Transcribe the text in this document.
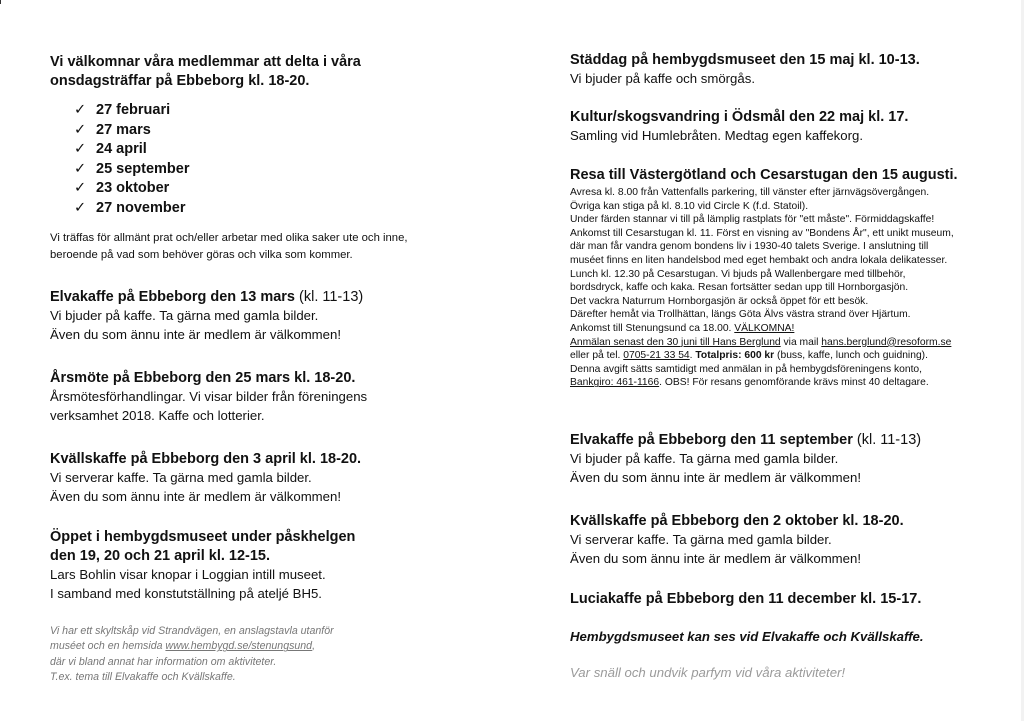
Vi välkomnar våra medlemmar att delta i våra

onsdagsträffar på Ebbeborg kl. 18-20.

✓ 27 februari
✓ 27 mars
✓ 24 april
✓ 25 september
✓ 23 oktober
✓ 27 november

Vi träffas för allmänt prat och/eller arbetar med olika saker ute och inne,

beroende på vad som behöver göras och vilka som kommer.

Elvakaffe på Ebbeborg den 13 mars (kl. 11-13)

Vi bjuder på kaffe. Ta gärna med gamla bilder.

Även du som ännu inte är medlem är välkommen!

Årsmöte på Ebbeborg den 25 mars kl. 18-20.

Årsmötesförhandlingar. Vi visar bilder från föreningens

verksamhet 2018. Kaffe och lotterier.

Kvällskaffe på Ebbeborg den 3 april kl. 18-20.

Vi serverar kaffe. Ta gärna med gamla bilder.

Även du som ännu inte är medlem är välkommen!

Öppet i hembygdsmuseet under påskhelgen

den 19, 20 och 21 april kl. 12-15.

Lars Bohlin visar knopar i Loggian intill museet.

I samband med konstutställning på ateljé BH5.

Vi har ett skyltskåp vid Strandvägen, en anslagstavla utanför

muséet och en hemsida www.hembygd.se/stenungsund,

där vi bland annat har information om aktiviteter.

T.ex. tema till Elvakaffe och Kvällskaffe.

Städdag på hembygdsmuseet den 15 maj kl. 10-13.

Vi bjuder på kaffe och smörgås.

Kultur/skogsvandring i Ödsmål den 22 maj kl. 17.

Samling vid Humlebråten. Medtag egen kaffekorg.

Resa till Västergötland och Cesarstugan den 15 augusti.

Avresa kl. 8.00 från Vattenfalls parkering, till vänster efter järnvägsövergången.

Övriga kan stiga på kl. 8.10 vid Circle K (f.d. Statoil).

Under färden stannar vi till på lämplig rastplats för "ett måste". Förmiddagskaffe!

Ankomst till Cesarstugan kl. 11. Först en visning av "Bondens År", ett unikt museum,

där man får vandra genom bondens liv i 1930-40 talets Sverige. I anslutning till

muséet finns en liten handelsbod med eget hembakt och andra lokala delikatesser.

Lunch kl. 12.30 på Cesarstugan. Vi bjuds på Wallenbergare med tillbehör,

bordsdryck, kaffe och kaka. Resan fortsätter sedan upp till Hornborgasjön.

Det vackra Naturrum Hornborgasjön är också öppet för ett besök.

Därefter hemåt via Trollhättan, längs Göta Älvs västra strand över Hjärtum.

Ankomst till Stenungsund ca 18.00. VÄLKOMNA!

Anmälan senast den 30 juni till Hans Berglund via mail hans.berglund@resoform.se

eller på tel. 0705-21 33 54. Totalpris: 600 kr (buss, kaffe, lunch och guidning).

Denna avgift sätts samtidigt med anmälan in på hembygdsföreningens konto,

Bankgiro: 461-1166. OBS! För resans genomförande krävs minst 40 deltagare.

Elvakaffe på Ebbeborg den 11 september (kl. 11-13)

Vi bjuder på kaffe. Ta gärna med gamla bilder.

Även du som ännu inte är medlem är välkommen!

Kvällskaffe på Ebbeborg den 2 oktober kl. 18-20.

Vi serverar kaffe. Ta gärna med gamla bilder.

Även du som ännu inte är medlem är välkommen!

Luciakaffe på Ebbeborg den 11 december kl. 15-17.

Hembygdsmuseet kan ses vid Elvakaffe och Kvällskaffe.

Var snäll och undvik parfym vid våra aktiviteter!
